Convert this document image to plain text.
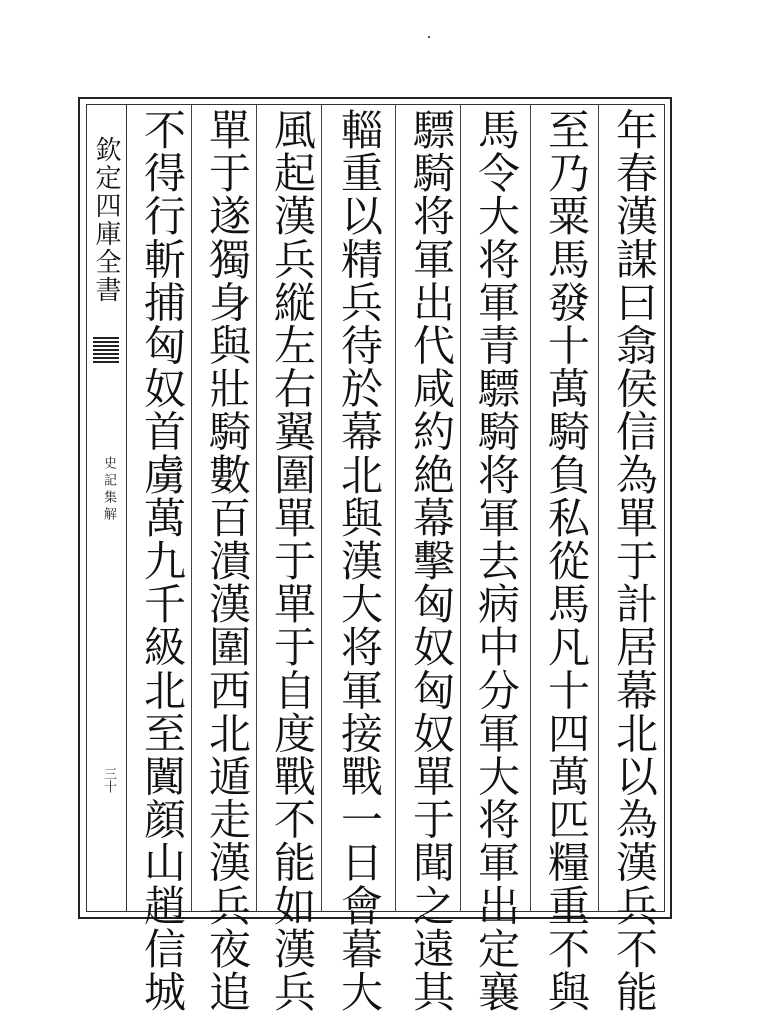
欽定四庫全書
史記集解
三十	年春漢謀曰翕侯信為單于計居幕北以為漢兵不能
至乃粟馬發十萬騎負私從馬凡十四萬匹糧重不與
馬令大将軍青驃騎将軍去病中分軍大将軍出定襄
驃騎将軍出代咸約絶幕擊匈奴匈奴單于聞之遠其
輜重以精兵待於幕北與漢大将軍接戰一日會暮大
風起漢兵縦左右翼圍單于單于自度戰不能如漢兵
單于遂獨身與壯騎數百潰漢圍西北遁走漢兵夜追
不得行斬捕匈奴首虜萬九千級北至闐顔山趙信城
